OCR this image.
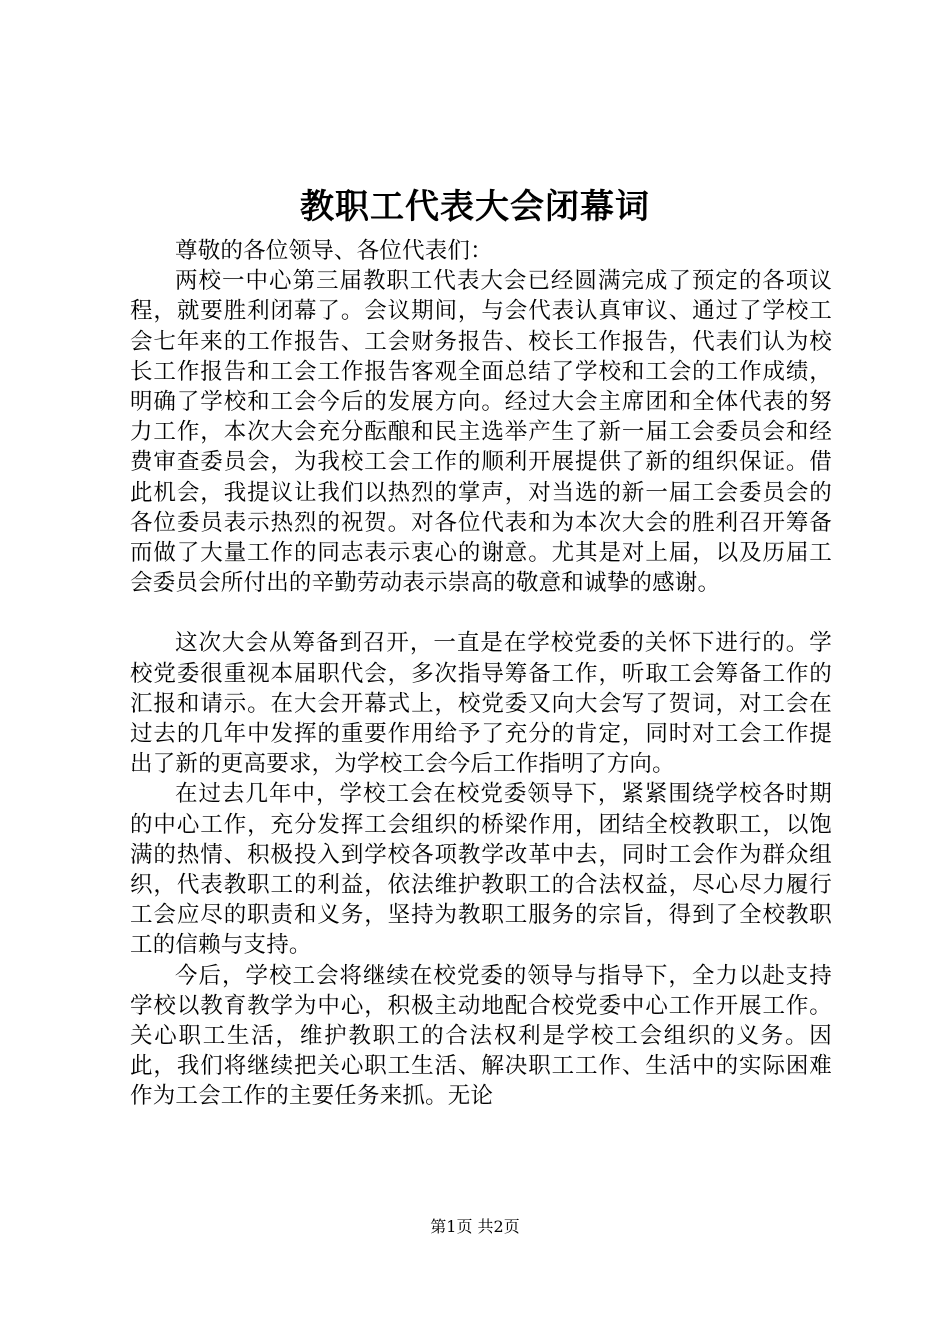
教职工代表大会闭幕词

尊敬的各位领导、各位代表们：

两校一中心第三届教职工代表大会已经圆满完成了预定的各项议程，就要胜利闭幕了。会议期间，与会代表认真审议、通过了学校工会七年来的工作报告、工会财务报告、校长工作报告，代表们认为校长工作报告和工会工作报告客观全面总结了学校和工会的工作成绩，明确了学校和工会今后的发展方向。经过大会主席团和全体代表的努力工作，本次大会充分酝酿和民主选举产生了新一届工会委员会和经费审查委员会，为我校工会工作的顺利开展提供了新的组织保证。借此机会，我提议让我们以热烈的掌声，对当选的新一届工会委员会的各位委员表示热烈的祝贺。对各位代表和为本次大会的胜利召开筹备而做了大量工作的同志表示衷心的谢意。尤其是对上届，以及历届工会委员会所付出的辛勤劳动表示崇高的敬意和诚挚的感谢。

这次大会从筹备到召开，一直是在学校党委的关怀下进行的。学校党委很重视本届职代会，多次指导筹备工作，听取工会筹备工作的汇报和请示。在大会开幕式上，校党委又向大会写了贺词，对工会在过去的几年中发挥的重要作用给予了充分的肯定，同时对工会工作提出了新的更高要求，为学校工会今后工作指明了方向。

在过去几年中，学校工会在校党委领导下，紧紧围绕学校各时期的中心工作，充分发挥工会组织的桥梁作用，团结全校教职工，以饱满的热情、积极投入到学校各项教学改革中去，同时工会作为群众组织，代表教职工的利益，依法维护教职工的合法权益，尽心尽力履行工会应尽的职责和义务，坚持为教职工服务的宗旨，得到了全校教职工的信赖与支持。

今后，学校工会将继续在校党委的领导与指导下，全力以赴支持学校以教育教学为中心，积极主动地配合校党委中心工作开展工作。关心职工生活，维护教职工的合法权利是学校工会组织的义务。因此，我们将继续把关心职工生活、解决职工工作、生活中的实际困难作为工会工作的主要任务来抓。无论

第1页 共2页
